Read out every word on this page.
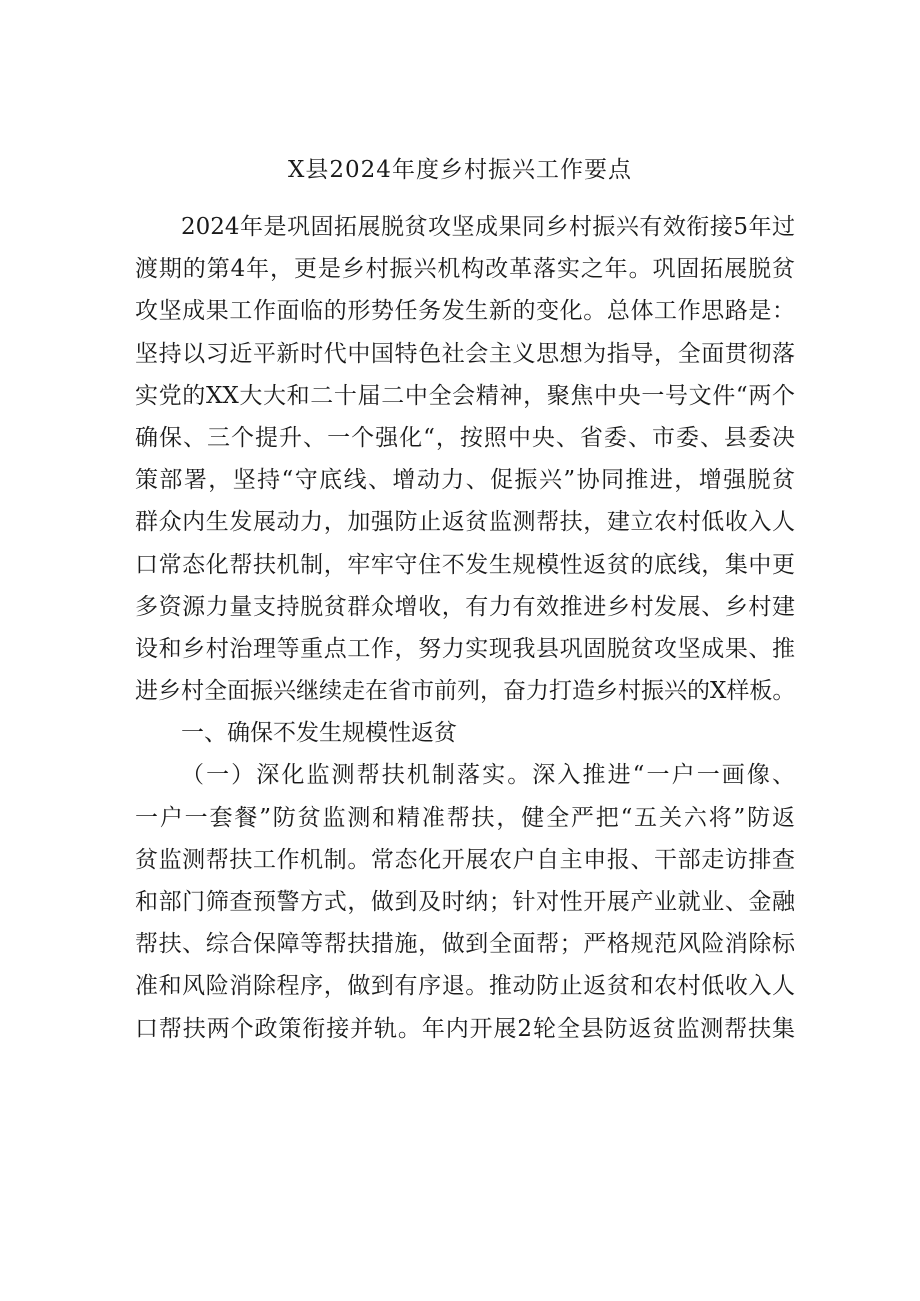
X县2024年度乡村振兴工作要点
2024年是巩固拓展脱贫攻坚成果同乡村振兴有效衔接5年过
渡期的第4年，更是乡村振兴机构改革落实之年。巩固拓展脱贫
攻坚成果工作面临的形势任务发生新的变化。总体工作思路是：
坚持以习近平新时代中国特色社会主义思想为指导，全面贯彻落
实党的XX大大和二十届二中全会精神，聚焦中央一号文件“两个
确保、三个提升、一个强化“，按照中央、省委、市委、县委决
策部署，坚持“守底线、增动力、促振兴”协同推进，增强脱贫
群众内生发展动力，加强防止返贫监测帮扶，建立农村低收入人
口常态化帮扶机制，牢牢守住不发生规模性返贫的底线，集中更
多资源力量支持脱贫群众增收，有力有效推进乡村发展、乡村建
设和乡村治理等重点工作，努力实现我县巩固脱贫攻坚成果、推
进乡村全面振兴继续走在省市前列，奋力打造乡村振兴的X样板。
一、确保不发生规模性返贫
（一）深化监测帮扶机制落实。深入推进“一户一画像、
一户一套餐”防贫监测和精准帮扶，健全严把“五关六将”防返
贫监测帮扶工作机制。常态化开展农户自主申报、干部走访排查
和部门筛查预警方式，做到及时纳；针对性开展产业就业、金融
帮扶、综合保障等帮扶措施，做到全面帮；严格规范风险消除标
准和风险消除程序，做到有序退。推动防止返贫和农村低收入人
口帮扶两个政策衔接并轨。年内开展2轮全县防返贫监测帮扶集
